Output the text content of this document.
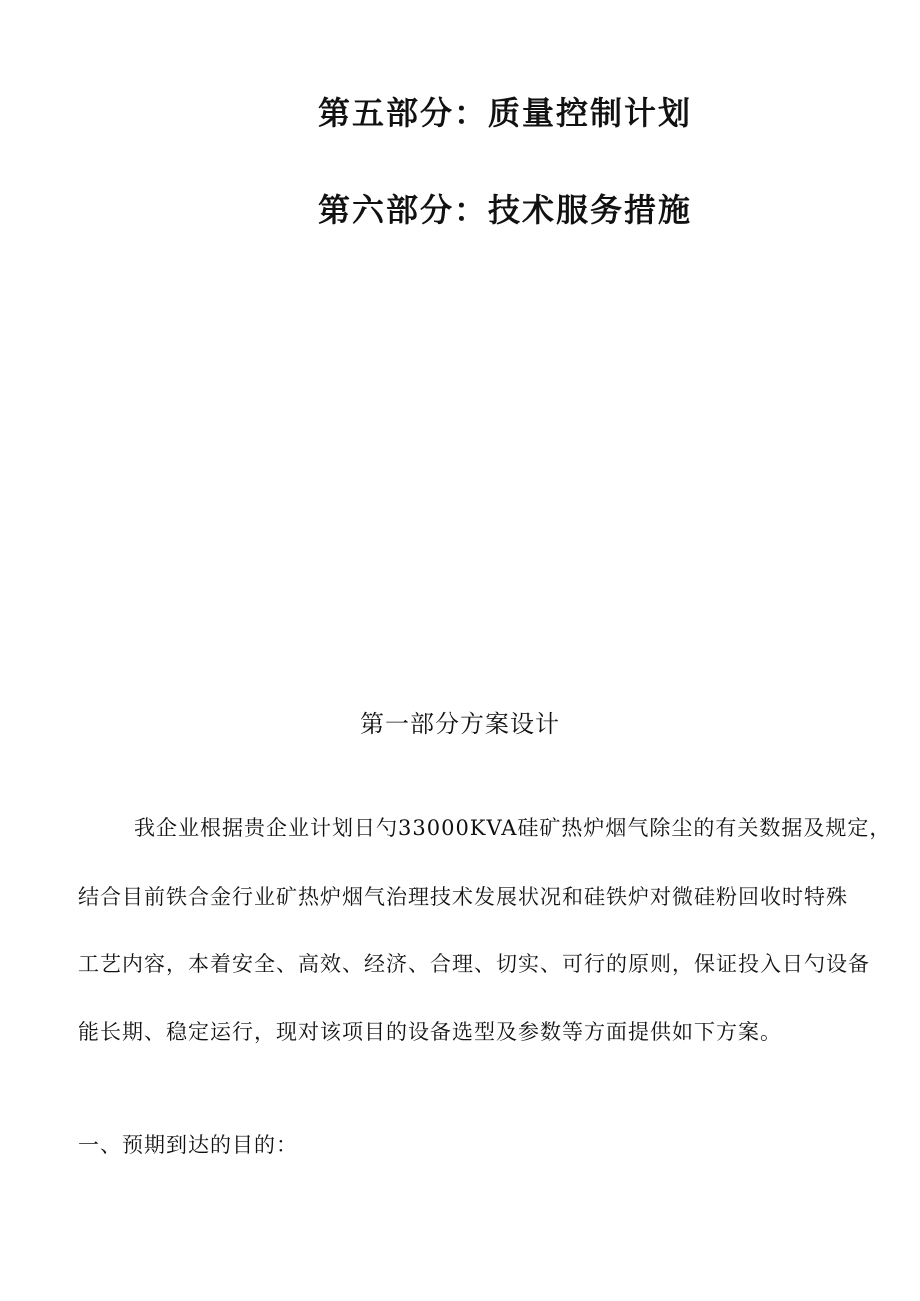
第五部分：质量控制计划
第六部分：技术服务措施
第一部分方案设计
我企业根据贵企业计划日勺33000KVA硅矿热炉烟气除尘的有关数据及规定，
结合目前铁合金行业矿热炉烟气治理技术发展状况和硅铁炉对微硅粉回收时特殊
工艺内容，本着安全、高效、经济、合理、切实、可行的原则，保证投入日勺设备
能长期、稳定运行，现对该项目的设备选型及参数等方面提供如下方案。
一、预期到达的目的：
